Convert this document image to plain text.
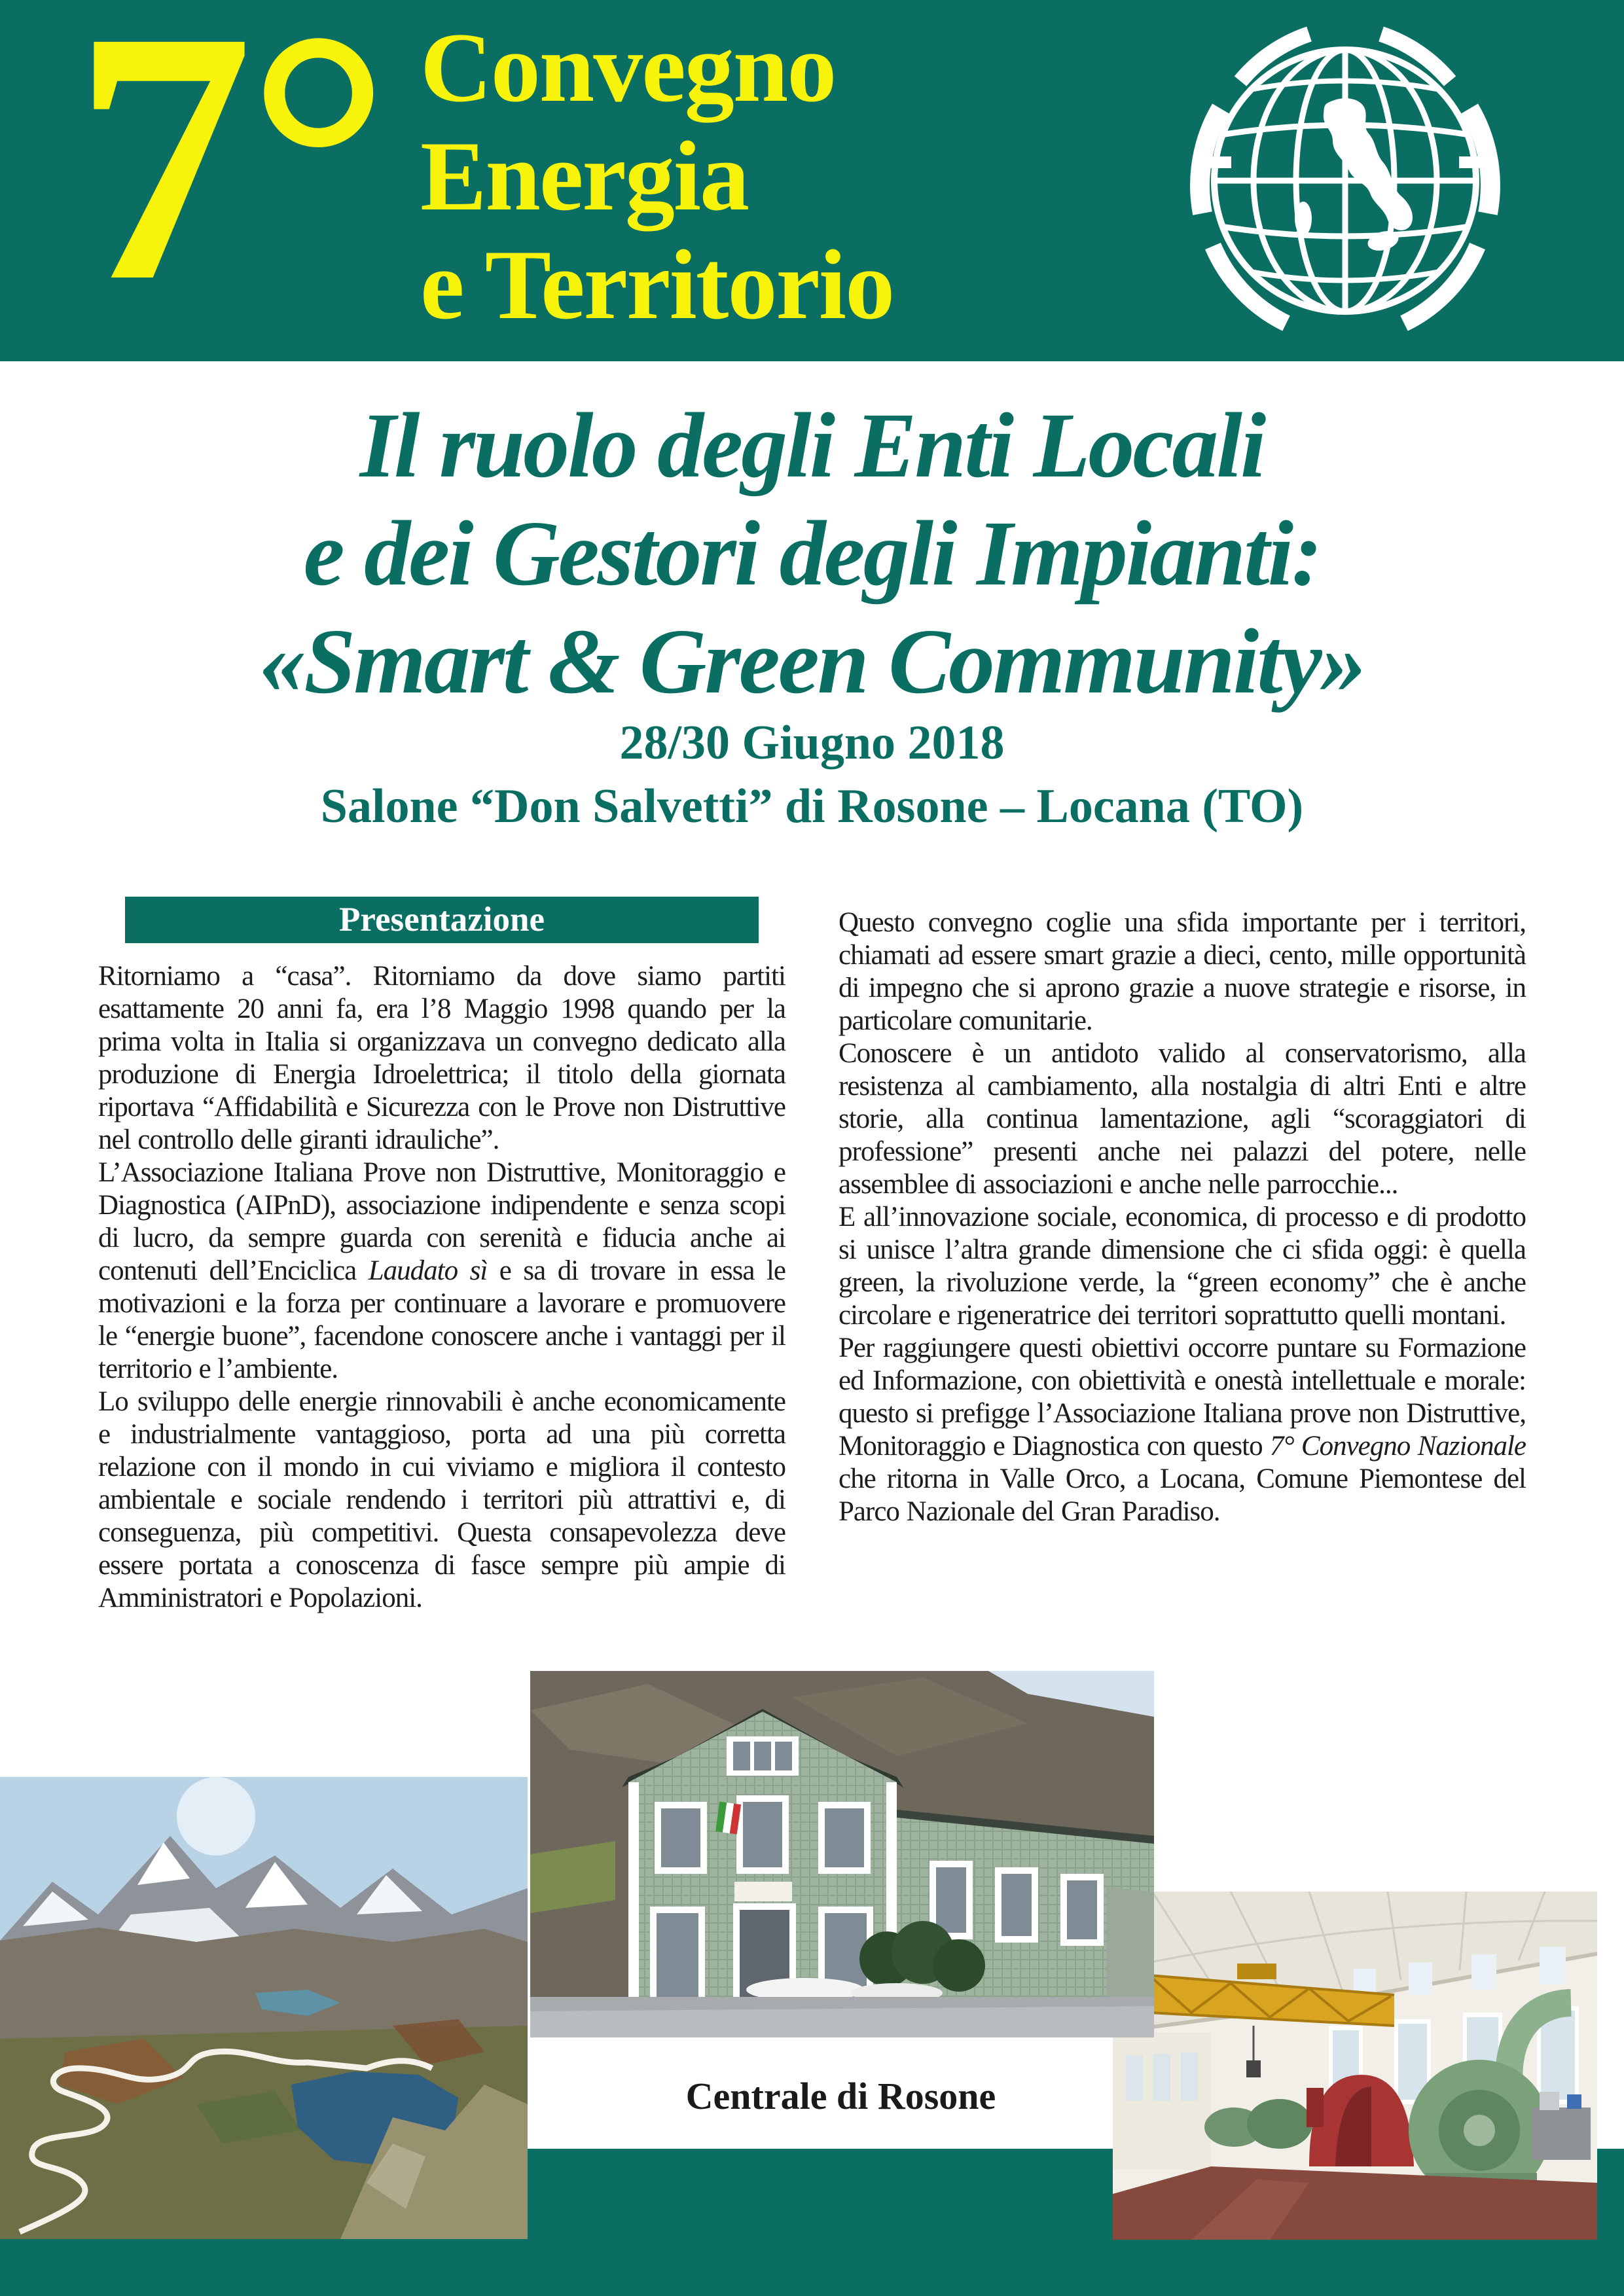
7° Convegno
Energia
e Territorio
Il ruolo degli Enti Locali
e dei Gestori degli Impianti:
«Smart & Green Community»
28/30 Giugno 2018
Salone “Don Salvetti” di Rosone – Locana (TO)
Presentazione

Ritorniamo a “casa”. Ritorniamo da dove siamo partiti esattamente 20 anni fa, era l’8 Maggio 1998 quando per la prima volta in Italia si organizzava un convegno dedicato alla produzione di Energia Idroelettrica; il titolo della giornata riportava “Affidabilità e Sicurezza con le Prove non Distruttive nel controllo delle giranti idrauliche”.

L’Associazione Italiana Prove non Distruttive, Monitoraggio e Diagnostica (AIPnD), associazione indipendente e senza scopi di lucro, da sempre guarda con serenità e fiducia anche ai contenuti dell’Enciclica Laudato sì e sa di trovare in essa le motivazioni e la forza per continuare a lavorare e promuovere le “energie buone”, facendone conoscere anche i vantaggi per il territorio e l’ambiente.

Lo sviluppo delle energie rinnovabili è anche economicamente e industrialmente vantaggioso, porta ad una più corretta relazione con il mondo in cui viviamo e migliora il contesto ambientale e sociale rendendo i territori più attrattivi e, di conseguenza, più competitivi. Questa consapevolezza deve essere portata a conoscenza di fasce sempre più ampie di Amministratori e Popolazioni.

Questo convegno coglie una sfida importante per i territori, chiamati ad essere smart grazie a dieci, cento, mille opportunità di impegno che si aprono grazie a nuove strategie e risorse, in particolare comunitarie.

Conoscere è un antidoto valido al conservatorismo, alla resistenza al cambiamento, alla nostalgia di altri Enti e altre storie, alla continua lamentazione, agli “scoraggiatori di professione” presenti anche nei palazzi del potere, nelle assemblee di associazioni e anche nelle parrocchie...

E all’innovazione sociale, economica, di processo e di prodotto si unisce l’altra grande dimensione che ci sfida oggi: è quella green, la rivoluzione verde, la “green economy” che è anche circolare e rigeneratrice dei territori soprattutto quelli montani.

Per raggiungere questi obiettivi occorre puntare su Formazione ed Informazione, con obiettività e onestà intellettuale e morale: questo si prefigge l’Associazione Italiana prove non Distruttive, Monitoraggio e Diagnostica con questo 7° Convegno Nazionale che ritorna in Valle Orco, a Locana, Comune Piemontese del Parco Nazionale del Gran Paradiso.

Centrale di Rosone
